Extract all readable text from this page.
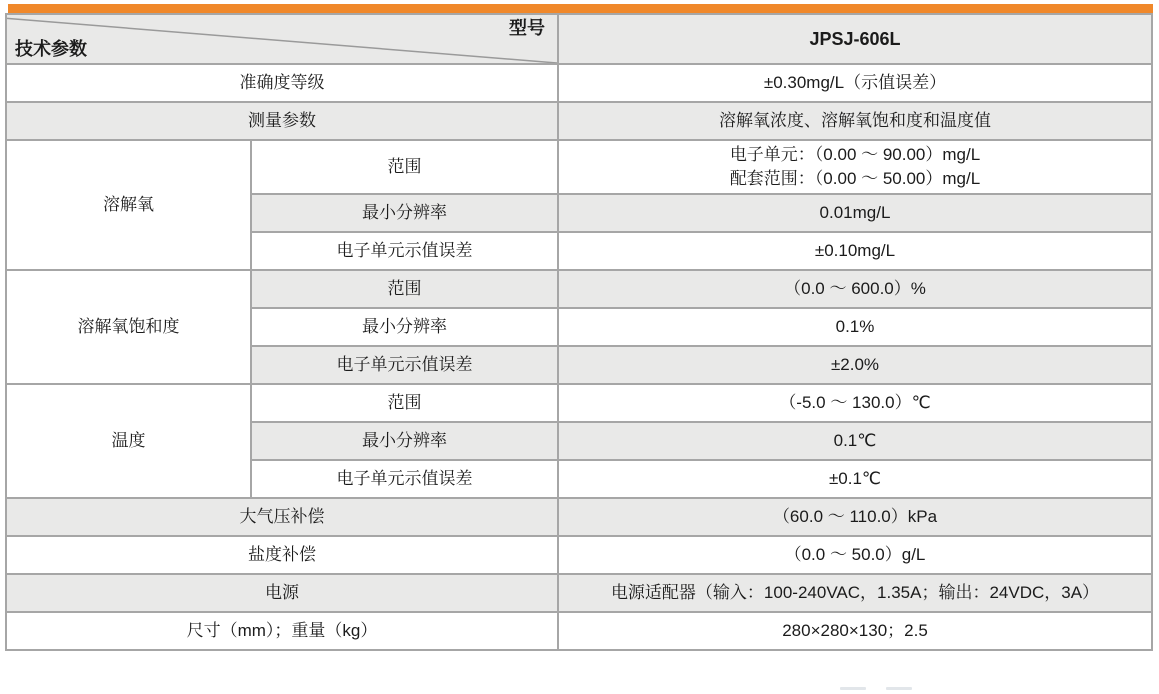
型号
技术参数		JPSJ-606L
准确度等级		±0.30mg/L（示值误差）
测量参数		溶解氧浓度、溶解氧饱和度和温度值
溶解氧	范围	电子单元：（0.00 ～ 90.00）mg/L
配套范围：（0.00 ～ 50.00）mg/L

	最小分辨率	0.01mg/L
	电子单元示值误差	±0.10mg/L
溶解氧饱和度	范围	（0.0 ～ 600.0）%
	最小分辨率	0.1%
	电子单元示值误差	±2.0%
温度	范围	（-5.0 ～ 130.0）℃
	最小分辨率	0.1℃
	电子单元示值误差	±0.1℃
大气压补偿		（60.0 ～ 110.0）kPa
盐度补偿		（0.0 ～ 50.0）g/L
电源		电源适配器（输入：100-240VAC，1.35A；输出：24VDC，3A）
尺寸（mm）；重量（kg）		280×280×130；2.5
